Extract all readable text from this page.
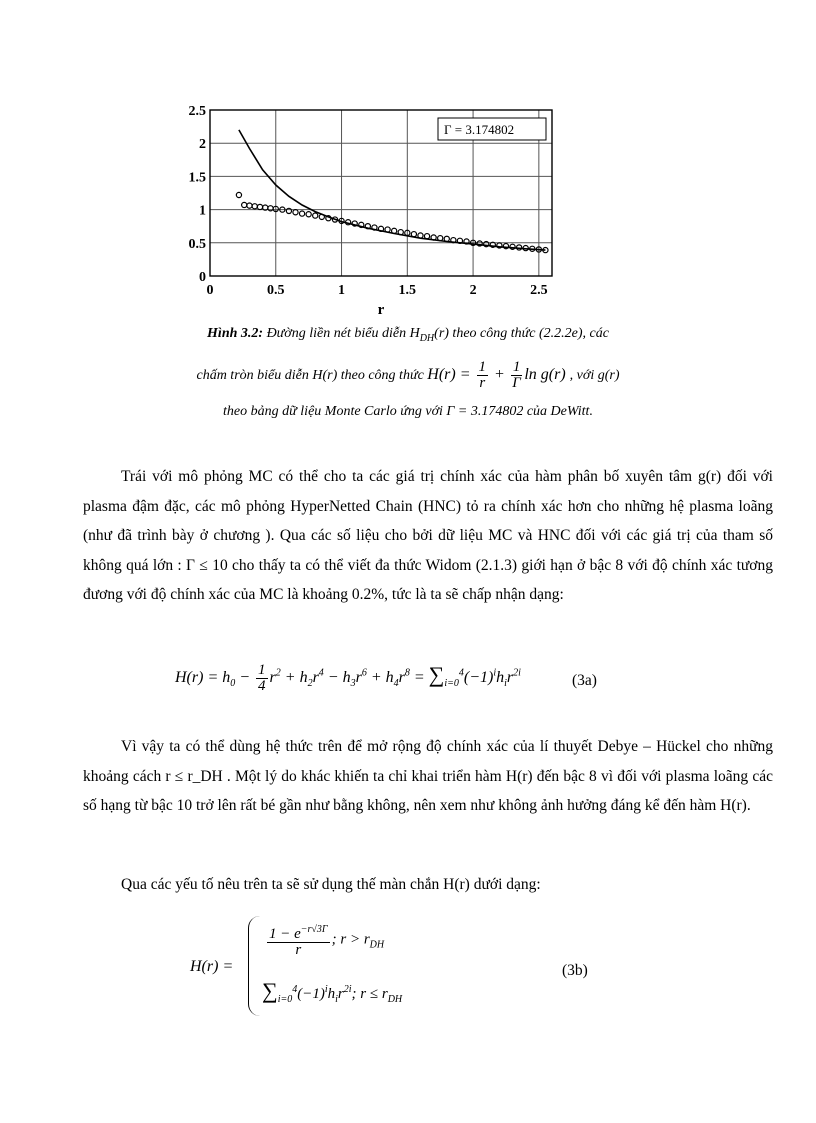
0	0.5	1	1.5	2	2.5
0
0.5
1
1.5
2
2.5
Γ = 3.174802
r
Hình 3.2: Đường liền nét biểu diễn $H_{DH}(r)$ theo công thức (2.2.2e), các
chấm tròn biểu diễn H(r) theo công thức $H(r) = \frac{1}{r} + \frac{1}{\Gamma}$ ln g(r) , với g(r)
theo bảng dữ liệu Monte Carlo ứng với Γ = 3.174802 của DeWitt.
Trái với mô phỏng MC có thể cho ta các giá trị chính xác của hàm phân bố xuyên tâm g(r) đối với plasma đậm đặc, các mô phỏng HyperNetted Chain (HNC) tỏ ra chính xác hơn cho những hệ plasma loãng (như đã trình bày ở chương ). Qua các số liệu cho bởi dữ liệu MC và HNC đối với các giá trị của tham số không quá lớn : Γ ≤ 10 cho thấy ta có thể viết đa thức Widom (2.1.3) giới hạn ở bậc 8 với độ chính xác tương đương với độ chính xác của MC là khoảng 0.2%, tức là ta sẽ chấp nhận dạng:
$H(r) = h_0 - \frac{1}{4} r^2 + h_2r^4 - h_3r^6 + h_4r^8 = \sum_{i=0}^4(-1)^ih_ir^{2i}$	(3a)
Vì vậy ta có thể dùng hệ thức trên để mở rộng độ chính xác của lí thuyết Debye – Hückel cho những khoảng cách r ≤ r_DH . Một lý do khác khiến ta chỉ khai triển hàm H(r) đến bậc 8 vì đối với plasma loãng các số hạng từ bậc 10 trở lên rất bé gần như bằng không, nên xem như không ảnh hưởng đáng kể đến hàm H(r).
Qua các yếu tố nêu trên ta sẽ sử dụng thế màn chắn H(r) dưới dạng:
H(r) =
$\frac{1 - e^{-r√3\Gamma}}{r}$ ; $r > r_{DH}$
$\sum_{i=0}^4(-1)^ih_ir^{2i}$; $r \le r_{DH}$
(3b)
